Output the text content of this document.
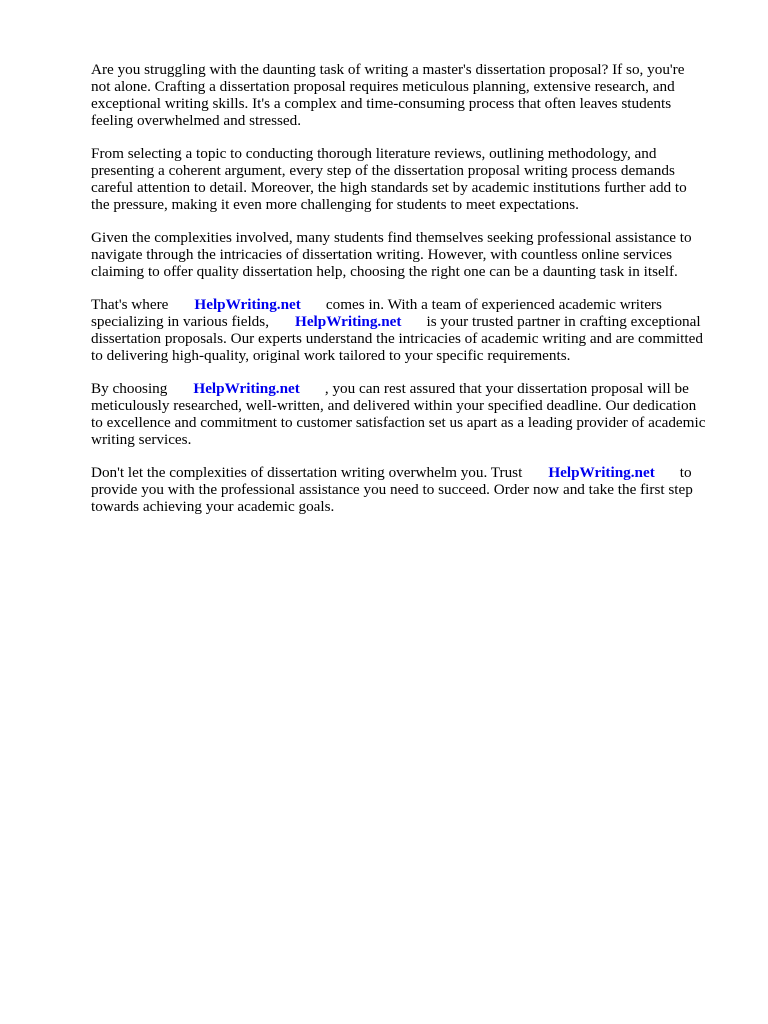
Are you struggling with the daunting task of writing a master's dissertation proposal? If so, you're
not alone. Crafting a dissertation proposal requires meticulous planning, extensive research, and
exceptional writing skills. It's a complex and time-consuming process that often leaves students
feeling overwhelmed and stressed.

From selecting a topic to conducting thorough literature reviews, outlining methodology, and
presenting a coherent argument, every step of the dissertation proposal writing process demands
careful attention to detail. Moreover, the high standards set by academic institutions further add to
the pressure, making it even more challenging for students to meet expectations.

Given the complexities involved, many students find themselves seeking professional assistance to
navigate through the intricacies of dissertation writing. However, with countless online services
claiming to offer quality dissertation help, choosing the right one can be a daunting task in itself.

That's where HelpWriting.net comes in. With a team of experienced academic writers
specializing in various fields, HelpWriting.net is your trusted partner in crafting exceptional
dissertation proposals. Our experts understand the intricacies of academic writing and are committed
to delivering high-quality, original work tailored to your specific requirements.

By choosing HelpWriting.net , you can rest assured that your dissertation proposal will be
meticulously researched, well-written, and delivered within your specified deadline. Our dedication
to excellence and commitment to customer satisfaction set us apart as a leading provider of academic
writing services.

Don't let the complexities of dissertation writing overwhelm you. Trust HelpWriting.net to
provide you with the professional assistance you need to succeed. Order now and take the first step
towards achieving your academic goals.
